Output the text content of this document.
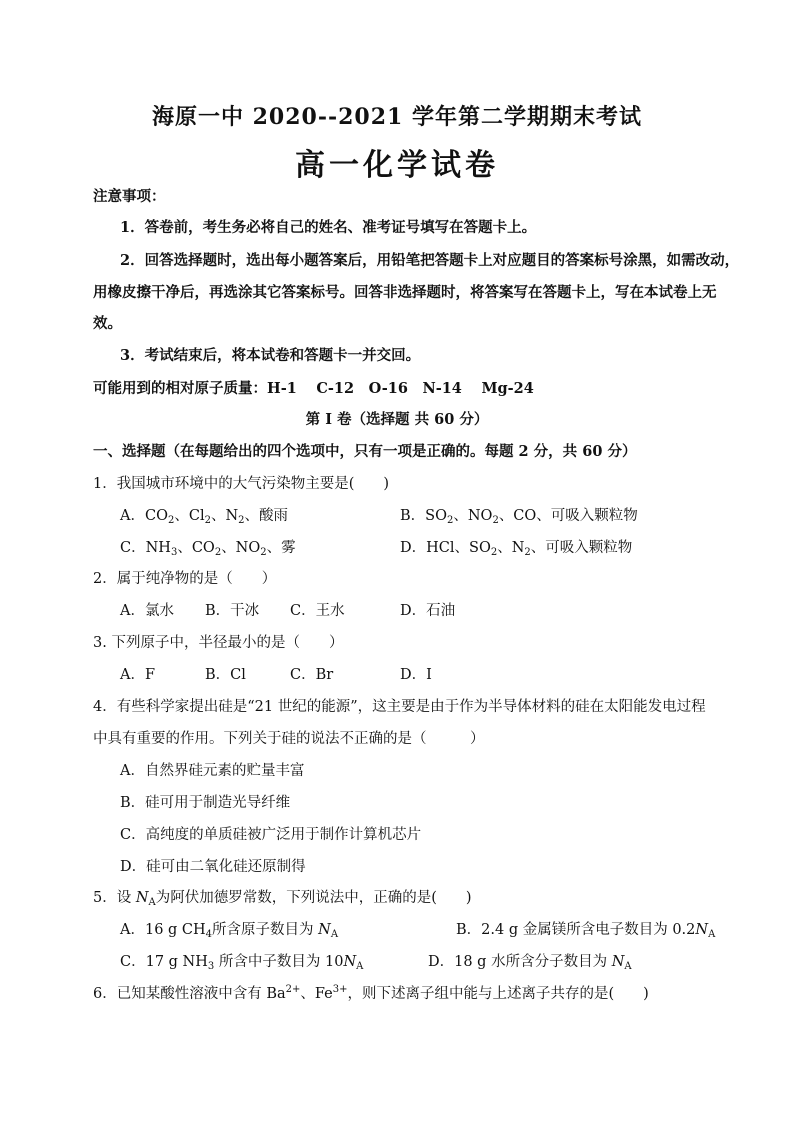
海原一中 2020--2021 学年第二学期期末考试
高一化学试卷
注意事项：
1．答卷前，考生务必将自己的姓名、准考证号填写在答题卡上。
2．回答选择题时，选出每小题答案后，用铅笔把答题卡上对应题目的答案标号涂黑，如需改动，
用橡皮擦干净后，再选涂其它答案标号。回答非选择题时，将答案写在答题卡上，写在本试卷上无
效。
3．考试结束后，将本试卷和答题卡一并交回。
可能用到的相对原子质量：H-1　 C-12　O-16　N-14　 Mg-24
第 I 卷（选择题 共 60 分）
一、选择题（在每题给出的四个选项中，只有一项是正确的。每题 2 分，共 60 分）
1．我国城市环境中的大气污染物主要是(　　)
A．$CO_2$、$Cl_2$、$N_2$、酸雨	B．$SO_2$、$NO_2$、CO、可吸入颗粒物
C．$NH_3$、$CO_2$、$NO_2$、雾	D．HCl、$SO_2$、$N_2$、可吸入颗粒物
2．属于纯净物的是（　　）
A．氯水 B．干冰 C．王水	D．石油
3. 下列原子中，半径最小的是（　　）
A．F	B．Cl	C．Br	D．I
4．有些科学家提出硅是“21 世纪的能源”，这主要是由于作为半导体材料的硅在太阳能发电过程
中具有重要的作用。下列关于硅的说法不正确的是（　　　）
A．自然界硅元素的贮量丰富
B．硅可用于制造光导纤维
C．高纯度的单质硅被广泛用于制作计算机芯片
D．硅可由二氧化硅还原制得
5．设 $N_A$为阿伏加德罗常数，下列说法中，正确的是(　　)
A．16 g $CH_4$所含原子数目为 $N_A$	B．2.4 g 金属镁所含电子数目为 $0.2N_A$
C．17 g $NH_3$ 所含中子数目为 $10N_A$	D．18 g 水所含分子数目为 $N_A$
6．已知某酸性溶液中含有 $Ba^{2+}$、$Fe^{3+}$，则下述离子组中能与上述离子共存的是(　　)
